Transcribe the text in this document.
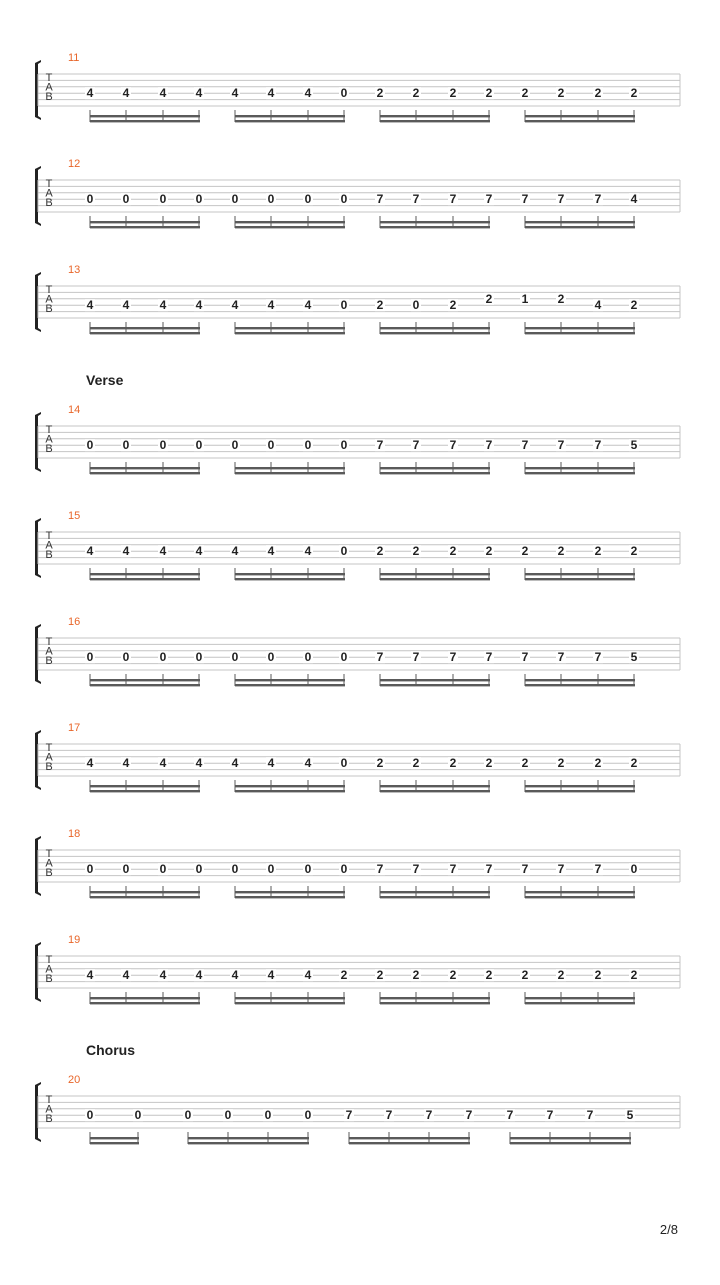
T
A
B
11
4 4	4 4 4 4	4 0 2 2	2 2 2 2	2 2
T
A
B
12
0 0	0 0 0 0	0 0 7 7	7 7 7 7	7 4
T
A
B
13
4 4	4 4 4 4	4 0 2 0	2 2 1 2	4 2
T
A
B
14
0 0	0 0 0 0	0 0 7 7	7 7 7 7	7 5
T
A
B
15
4 4	4 4 4 4	4 0 2 2	2 2 2 2	2 2
T
A
B
16
0 0	0 0 0 0	0 0 7 7	7 7 7 7	7 5
T
A
B
17
4 4	4 4 4 4	4 0 2 2	2 2 2 2	2 2
T
A
B
18
0 0	0 0 0 0	0 0 7 7	7 7 7 7	7 0
T
A
B
19
4 4	4 4 4 4	4 2 2 2	2 2 2 2	2 2
T
A
B
20
0	0	0	0	0	0	7	7	7	7	7	7	7	5
Verse
Chorus
2/8
